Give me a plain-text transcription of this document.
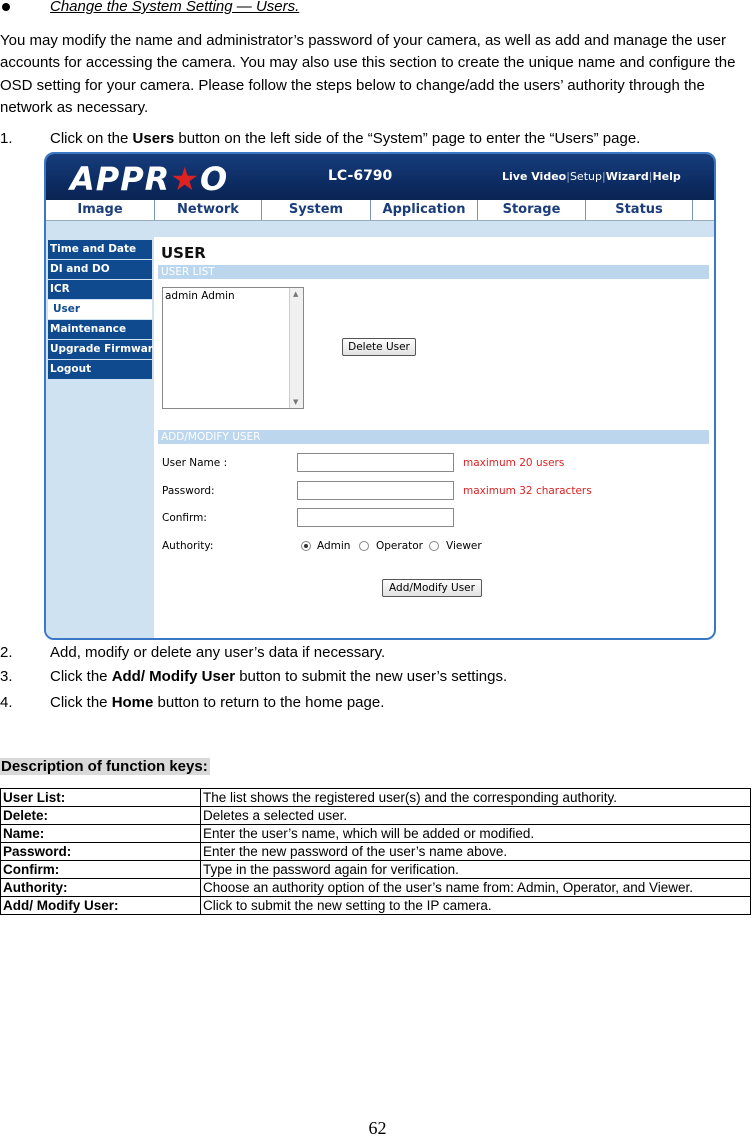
Change the System Setting — Users.
You may modify the name and administrator’s password of your camera, as well as add and manage the user accounts for accessing the camera. You may also use this section to create the unique name and configure the OSD setting for your camera. Please follow the steps below to change/add the users’ authority through the network as necessary.
1. Click on the Users button on the left side of the “System” page to enter the “Users” page.
APPR★O	LC-6790	Live Video|Setup|Wizard|Help
Image	Network	System	Application	Storage	Status
Time and Date
DI and DO
ICR
User
Maintenance
Upgrade Firmware
Logout
USER
USER LIST
admin Admin	▲
▼
Delete User
ADD/MODIFY USER
User Name :	maximum 20 users
Password:	maximum 32 characters
Confirm:
Authority:	Admin Operator Viewer
Add/Modify User
2. Add, modify or delete any user’s data if necessary.
3. Click the Add/ Modify User button to submit the new user’s settings.
4. Click the Home button to return to the home page.
Description of function keys:
User List:	The list shows the registered user(s) and the corresponding authority.
Delete:	Deletes a selected user.
Name:	Enter the user’s name, which will be added or modified.
Password:	Enter the new password of the user’s name above.
Confirm:	Type in the password again for verification.
Authority:	Choose an authority option of the user’s name from: Admin, Operator, and Viewer.
Add/ Modify User:	Click to submit the new setting to the IP camera.
62
